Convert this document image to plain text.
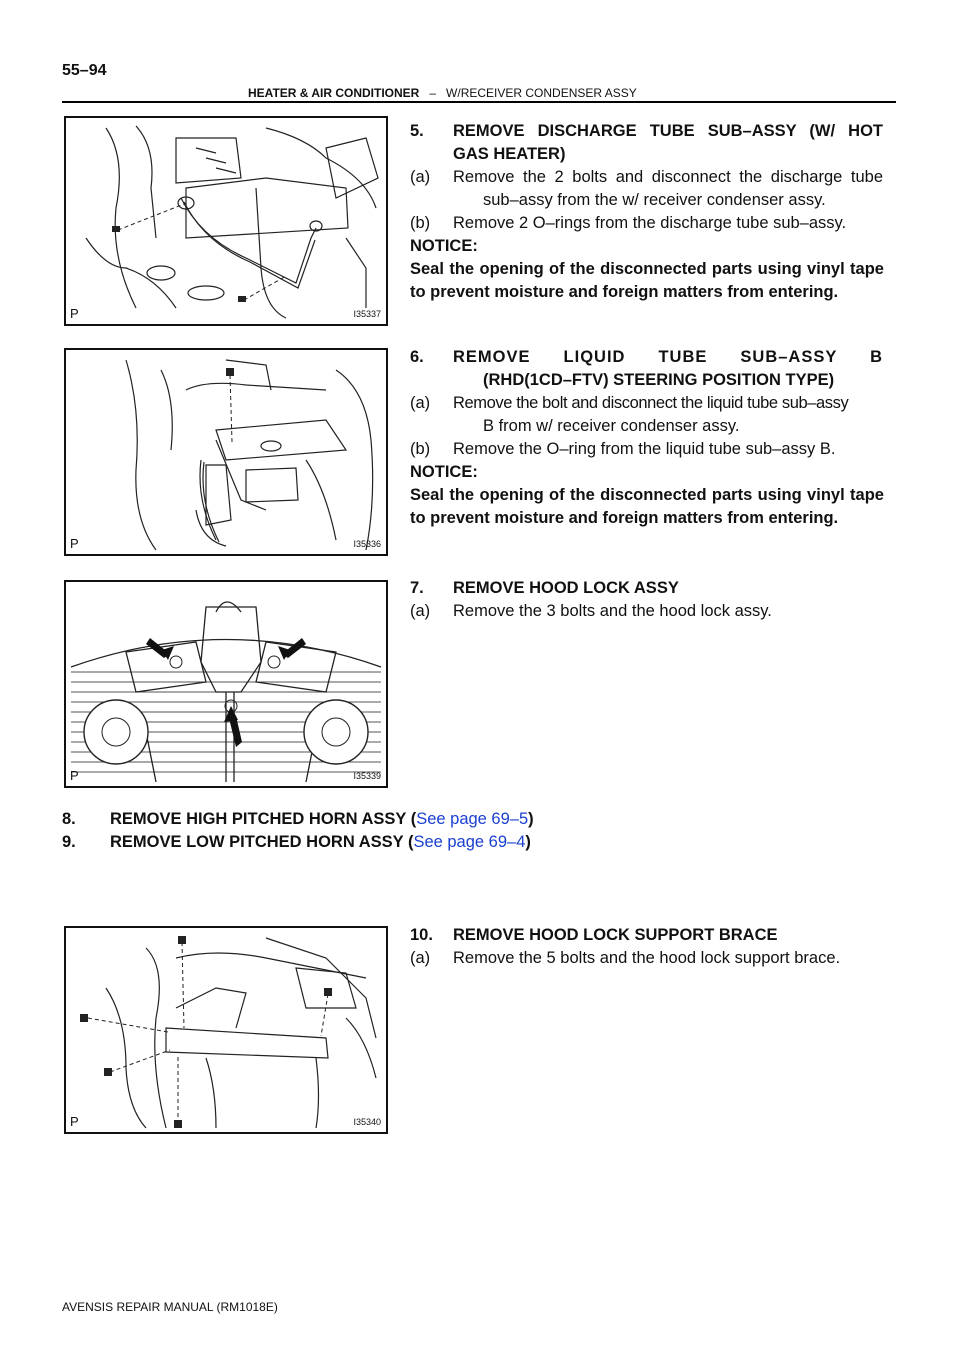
55–94
HEATER & AIR CONDITIONER – W/RECEIVER CONDENSER ASSY
P	I35337
P	I35336
P	I35339
P	I35340
5. REMOVE DISCHARGE TUBE SUB–ASSY (W/ HOT
GAS HEATER)
(a) Remove the 2 bolts and disconnect the discharge tube
sub–assy from the w/ receiver condenser assy.
(b) Remove 2 O–rings from the discharge tube sub–assy.
NOTICE:
Seal the opening of the disconnected parts using vinyl tape
to prevent moisture and foreign matters from entering.
6. REMOVE LIQUID TUBE SUB–ASSY B
(RHD(1CD–FTV) STEERING POSITION TYPE)
(a) Remove the bolt and disconnect the liquid tube sub–assy
B from w/ receiver condenser assy.
(b) Remove the O–ring from the liquid tube sub–assy B.
NOTICE:
Seal the opening of the disconnected parts using vinyl tape
to prevent moisture and foreign matters from entering.
7. REMOVE HOOD LOCK ASSY
(a) Remove the 3 bolts and the hood lock assy.
8. REMOVE HIGH PITCHED HORN ASSY (See page 69–5)
9. REMOVE LOW PITCHED HORN ASSY (See page 69–4)
10. REMOVE HOOD LOCK SUPPORT BRACE
(a) Remove the 5 bolts and the hood lock support brace.
AVENSIS REPAIR MANUAL (RM1018E)
